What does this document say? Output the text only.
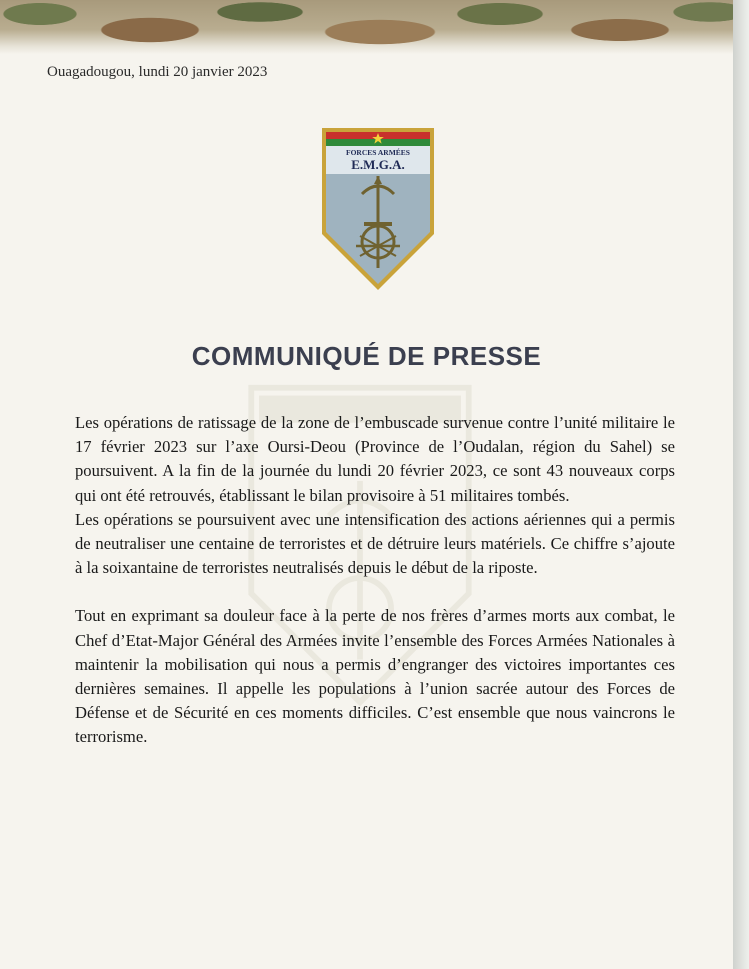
Ouagadougou, lundi 20 janvier 2023
FORCES ARMÉES
E.M.G.A.
COMMUNIQUÉ DE PRESSE

Les opérations de ratissage de la zone de l’embuscade survenue contre l’unité militaire le 17 février 2023 sur l’axe Oursi-Deou (Province de l’Oudalan, région du Sahel) se poursuivent. A la fin de la journée du lundi 20 février 2023, ce sont 43 nouveaux corps qui ont été retrouvés, établissant le bilan provisoire à 51 militaires tombés.

Les opérations se poursuivent avec une intensification des actions aériennes qui a permis de neutraliser une centaine de terroristes et de détruire leurs matériels. Ce chiffre s’ajoute à la soixantaine de terroristes neutralisés depuis le début de la riposte.

Tout en exprimant sa douleur face à la perte de nos frères d’armes morts aux combat, le Chef d’Etat-Major Général des Armées invite l’ensemble des Forces Armées Nationales à maintenir la mobilisation qui nous a permis d’engranger des victoires importantes ces dernières semaines. Il appelle les populations à l’union sacrée autour des Forces de Défense et de Sécurité en ces moments difficiles. C’est ensemble que nous vaincrons le terrorisme.
